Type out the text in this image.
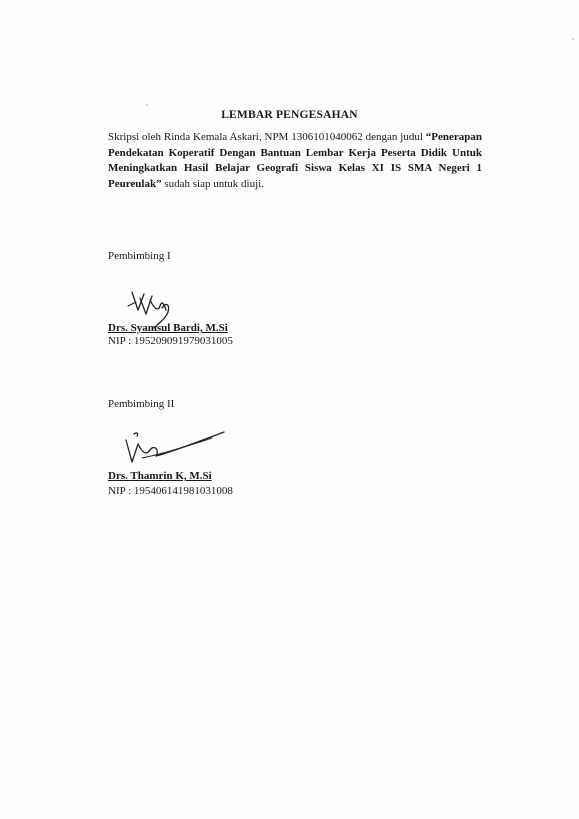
LEMBAR PENGESAHAN
Skripsi oleh Rinda Kemala Askari, NPM 1306101040062 dengan judul “Penerapan Pendekatan Koperatif Dengan Bantuan Lembar Kerja Peserta Didik Untuk Meningkatkan Hasil Belajar Geografi Siswa Kelas XI IS SMA Negeri 1 Peureulak” sudah siap untuk diuji.
Pembimbing I
Drs. Syamsul Bardi, M.Si
NIP : 195209091979031005
Pembimbing II
Drs. Thamrin K, M.Si
NIP : 195406141981031008
